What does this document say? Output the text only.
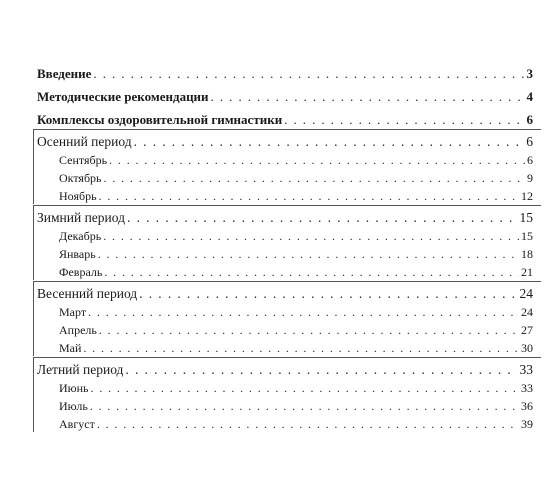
Введение . . .	3
Методические рекомендации . . .	4
Комплексы оздоровительной гимнастики . . .	6
Осенний период . . .	6
Сентябрь . . .	6
Октябрь . . .	9
Ноябрь . . .	12
Зимний период . . .	15
Декабрь . . .	15
Январь . . .	18
Февраль . . .	21
Весенний период . . .	24
Март . . .	24
Апрель . . .	27
Май . . .	30
Летний период . . .	33
Июнь . . .	33
Июль . . .	36
Август . . .	39
